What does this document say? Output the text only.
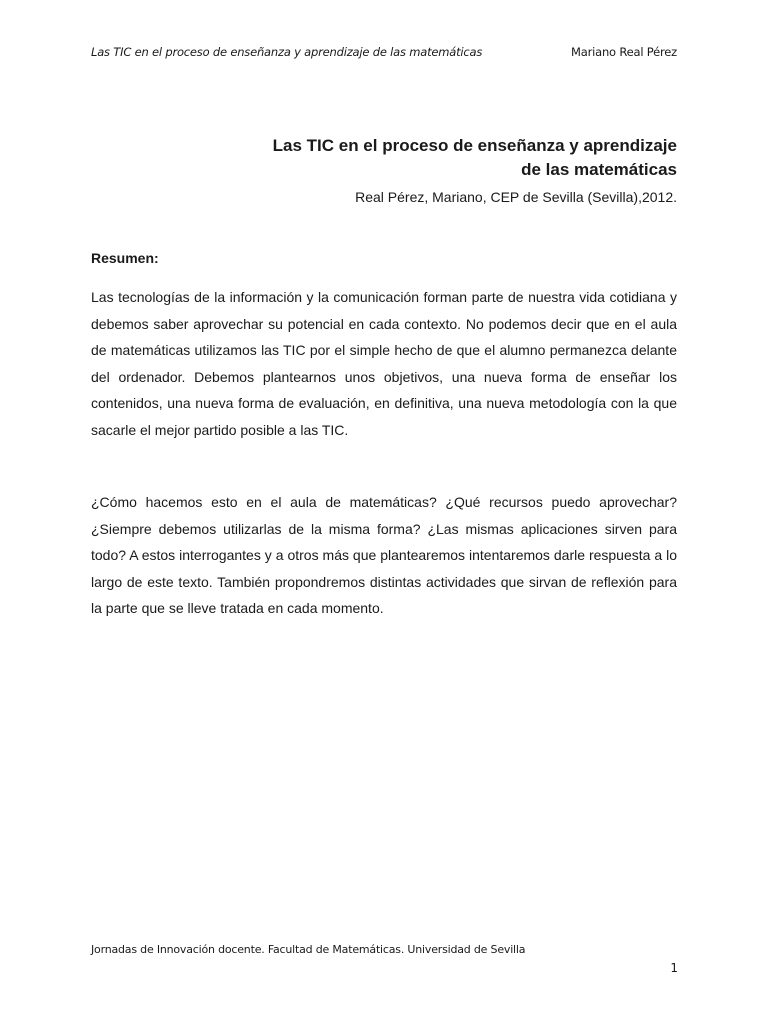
Las TIC en el proceso de enseñanza y aprendizaje de las matemáticas	Mariano Real Pérez
Las TIC en el proceso de enseñanza y aprendizaje
de las matemáticas
Real Pérez, Mariano, CEP de Sevilla (Sevilla),2012.
Resumen:

Las tecnologías de la información y la comunicación forman parte de nuestra vida cotidiana y debemos saber aprovechar su potencial en cada contexto. No podemos decir que en el aula de matemáticas utilizamos las TIC por el simple hecho de que el alumno permanezca delante del ordenador. Debemos plantearnos unos objetivos, una nueva forma de enseñar los contenidos, una nueva forma de evaluación, en definitiva, una nueva metodología con la que sacarle el mejor partido posible a las TIC.

¿Cómo hacemos esto en el aula de matemáticas? ¿Qué recursos puedo aprovechar? ¿Siempre debemos utilizarlas de la misma forma? ¿Las mismas aplicaciones sirven para todo? A estos interrogantes y a otros más que plantearemos intentaremos darle respuesta a lo largo de este texto. También propondremos distintas actividades que sirvan de reflexión para la parte que se lleve tratada en cada momento.

Jornadas de Innovación docente. Facultad de Matemáticas. Universidad de Sevilla
1
